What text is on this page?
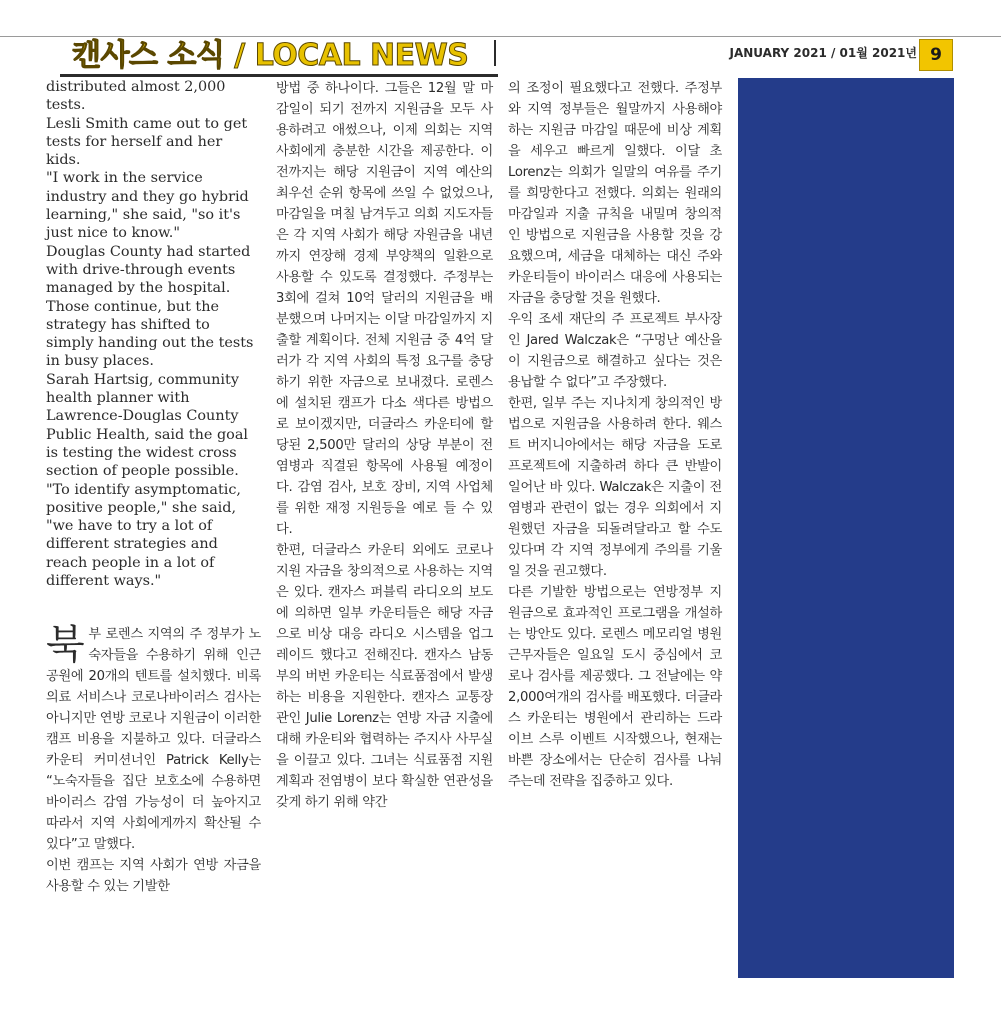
캔사스 소식 / LOCAL NEWS	JANUARY 2021 / 01월 2021년 9

distributed almost 2,000 tests.

Lesli Smith came out to get tests for herself and her kids.

"I work in the service industry and they go hybrid learning," she said, "so it's just nice to know."

Douglas County had started with drive-through events managed by the hospital. Those continue, but the strategy has shifted to simply handing out the tests in busy places.

Sarah Hartsig, community health planner with Lawrence-Douglas County Public Health, said the goal is testing the widest cross section of people possible.

"To identify asymptomatic, positive people," she said, "we have to try a lot of different strategies and reach people in a lot of different ways."

북부 로렌스 지역의 주 정부가 노숙자들을 수용하기 위해 인근 공원에 20개의 텐트를 설치했다. 비록 의료 서비스나 코로나바이러스 검사는 아니지만 연방 코로나 지원금이 이러한 캠프 비용을 지불하고 있다. 더글라스 카운티 커미션너인 Patrick Kelly는 “노숙자들을 집단 보호소에 수용하면 바이러스 감염 가능성이 더 높아지고 따라서 지역 사회에게까지 확산될 수 있다”고 말했다.

이번 캠프는 지역 사회가 연방 자금을 사용할 수 있는 기발한

방법 중 하나이다. 그들은 12월 말 마감일이 되기 전까지 지원금을 모두 사용하려고 애썼으나, 이제 의회는 지역 사회에게 충분한 시간을 제공한다. 이전까지는 해당 지원금이 지역 예산의 최우선 순위 항목에 쓰일 수 없었으나, 마감일을 며칠 남겨두고 의회 지도자들은 각 지역 사회가 해당 자원금을 내년까지 연장해 경제 부양책의 일환으로 사용할 수 있도록 결정했다. 주정부는 3회에 걸쳐 10억 달러의 지원금을 배분했으며 나머지는 이달 마감일까지 지출할 계획이다. 전체 지원금 중 4억 달러가 각 지역 사회의 특정 요구를 충당하기 위한 자금으로 보내졌다. 로렌스에 설치된 캠프가 다소 색다른 방법으로 보이겠지만, 더글라스 카운티에 할당된 2,500만 달러의 상당 부분이 전염병과 직결된 항목에 사용될 예정이다. 감염 검사, 보호 장비, 지역 사업체를 위한 재정 지원등을 예로 들 수 있다.

한편, 더글라스 카운티 외에도 코로나 지원 자금을 창의적으로 사용하는 지역은 있다. 캔자스 퍼블릭 라디오의 보도에 의하면 일부 카운티들은 해당 자금으로 비상 대응 라디오 시스템을 업그레이드 했다고 전해진다. 캔자스 남동부의 버번 카운티는 식료품점에서 발생하는 비용을 지원한다. 캔자스 교통장관인 Julie Lorenz는 연방 자금 지출에 대해 카운티와 협력하는 주지사 사무실을 이끌고 있다. 그녀는 식료품점 지원 계획과 전염병이 보다 확실한 연관성을 갖게 하기 위해 약간

의 조정이 필요했다고 전했다. 주정부와 지역 정부들은 월말까지 사용해야 하는 지원금 마감일 때문에 비상 계획을 세우고 빠르게 일했다. 이달 초 Lorenz는 의회가 일말의 여유를 주기를 희망한다고 전했다. 의회는 원래의 마감일과 지출 규칙을 내밀며 창의적인 방법으로 지원금을 사용할 것을 강요했으며, 세금을 대체하는 대신 주와 카운티들이 바이러스 대응에 사용되는 자금을 충당할 것을 원했다.

우익 조세 재단의 주 프로젝트 부사장인 Jared Walczak은 “구멍난 예산을 이 지원금으로 해결하고 싶다는 것은 용납할 수 없다”고 주장했다.

한편, 일부 주는 지나치게 창의적인 방법으로 지원금을 사용하려 한다. 웨스트 버지니아에서는 해당 자금을 도로 프로젝트에 지출하려 하다 큰 반발이 일어난 바 있다. Walczak은 지출이 전염병과 관련이 없는 경우 의회에서 지원했던 자금을 되돌려달라고 할 수도 있다며 각 지역 정부에게 주의를 기울일 것을 권고했다.

다른 기발한 방법으로는 연방정부 지원금으로 효과적인 프로그램을 개설하는 방안도 있다. 로렌스 메모리얼 병원 근무자들은 일요일 도시 중심에서 코로나 검사를 제공했다. 그 전날에는 약 2,000여개의 검사를 배포했다. 더글라스 카운티는 병원에서 관리하는 드라이브 스루 이벤트 시작했으나, 현재는 바쁜 장소에서는 단순히 검사를 나눠주는데 전략을 집중하고 있다.
